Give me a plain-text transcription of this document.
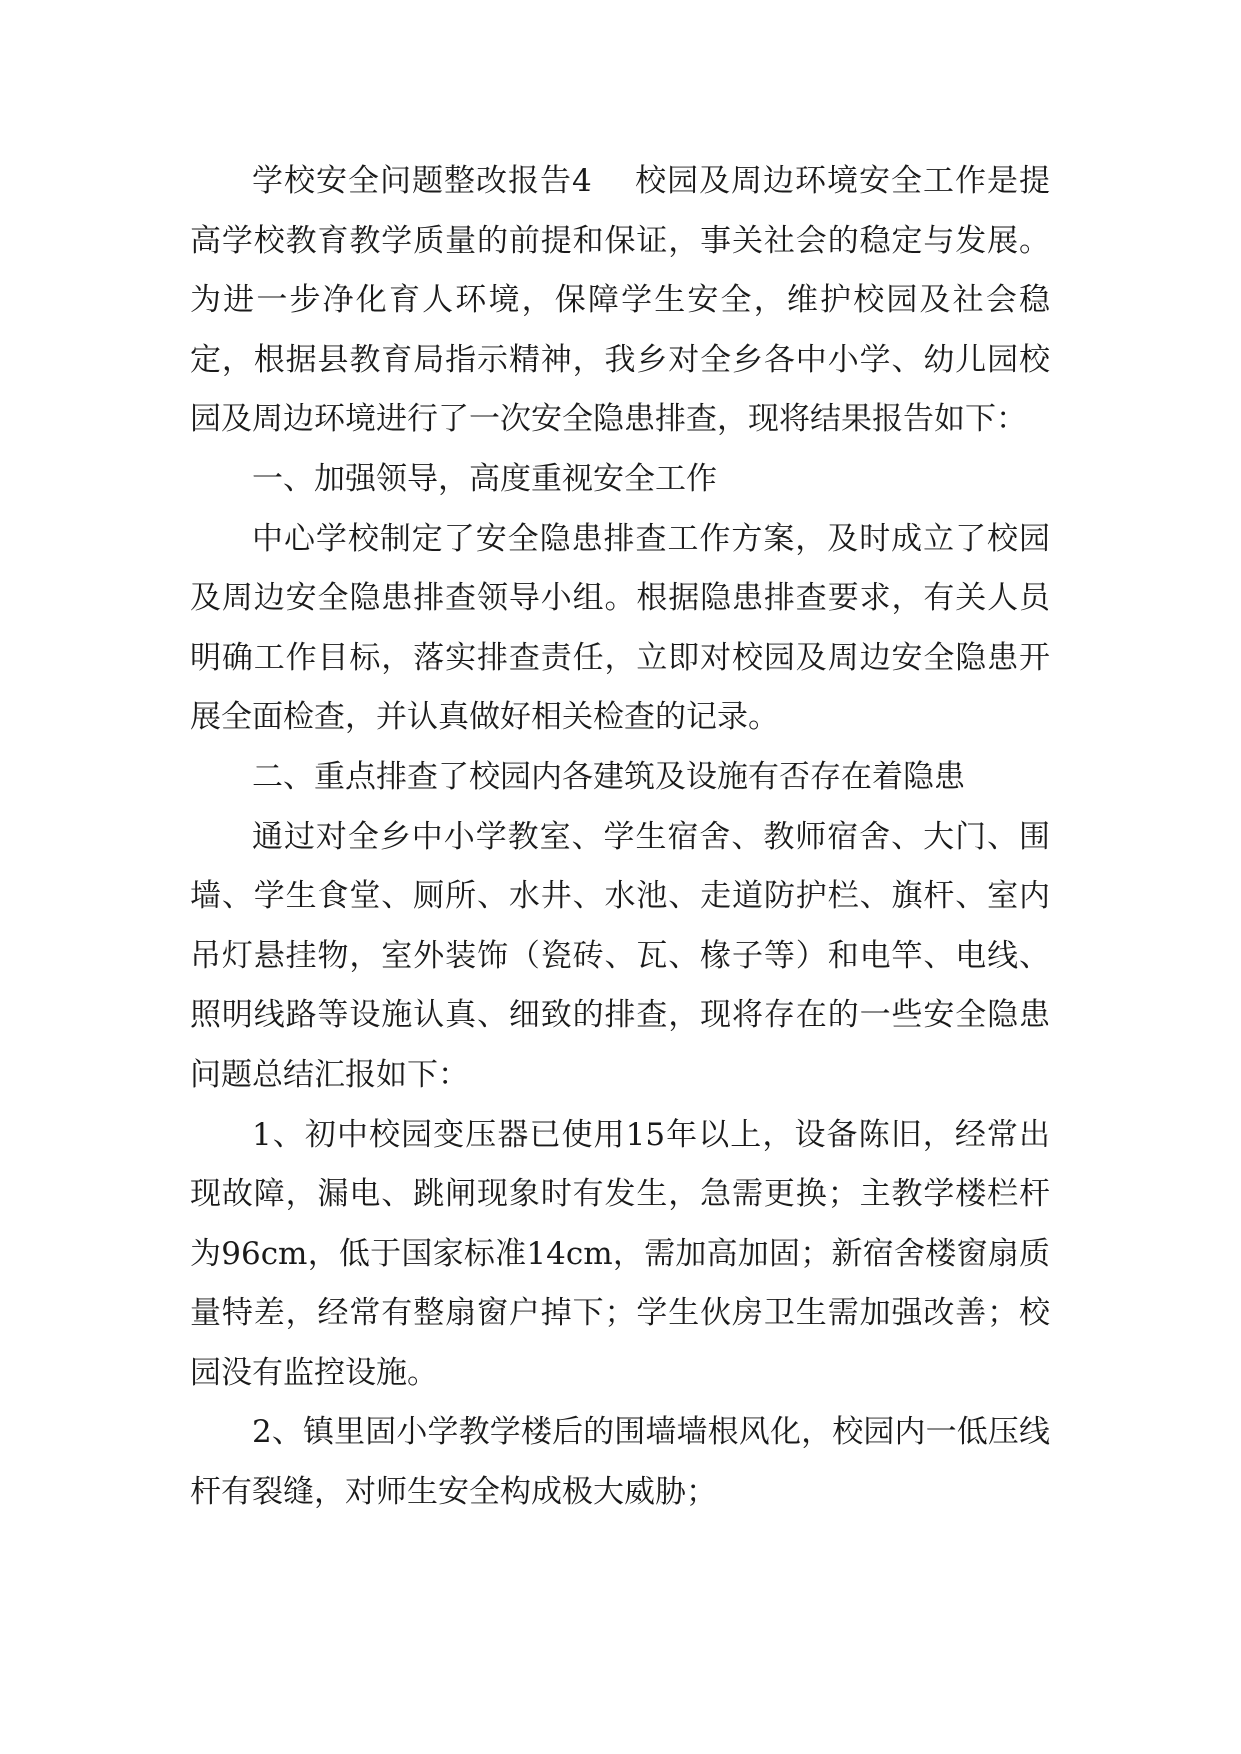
学校安全问题整改报告4 校园及周边环境安全工作是提高学校教育教学质量的前提和保证，事关社会的稳定与发展。为进一步净化育人环境，保障学生安全，维护校园及社会稳定，根据县教育局指示精神，我乡对全乡各中小学、幼儿园校园及周边环境进行了一次安全隐患排查，现将结果报告如下：

一、加强领导，高度重视安全工作

中心学校制定了安全隐患排查工作方案，及时成立了校园及周边安全隐患排查领导小组。根据隐患排查要求，有关人员明确工作目标，落实排查责任，立即对校园及周边安全隐患开展全面检查，并认真做好相关检查的记录。

二、重点排查了校园内各建筑及设施有否存在着隐患

通过对全乡中小学教室、学生宿舍、教师宿舍、大门、围墙、学生食堂、厕所、水井、水池、走道防护栏、旗杆、室内吊灯悬挂物，室外装饰（瓷砖、瓦、椽子等）和电竿、电线、照明线路等设施认真、细致的排查，现将存在的一些安全隐患问题总结汇报如下：

1、初中校园变压器已使用15年以上，设备陈旧，经常出现故障，漏电、跳闸现象时有发生，急需更换；主教学楼栏杆为96cm，低于国家标准14cm，需加高加固；新宿舍楼窗扇质量特差，经常有整扇窗户掉下；学生伙房卫生需加强改善；校园没有监控设施。

2、镇里固小学教学楼后的围墙墙根风化，校园内一低压线杆有裂缝，对师生安全构成极大威胁；
